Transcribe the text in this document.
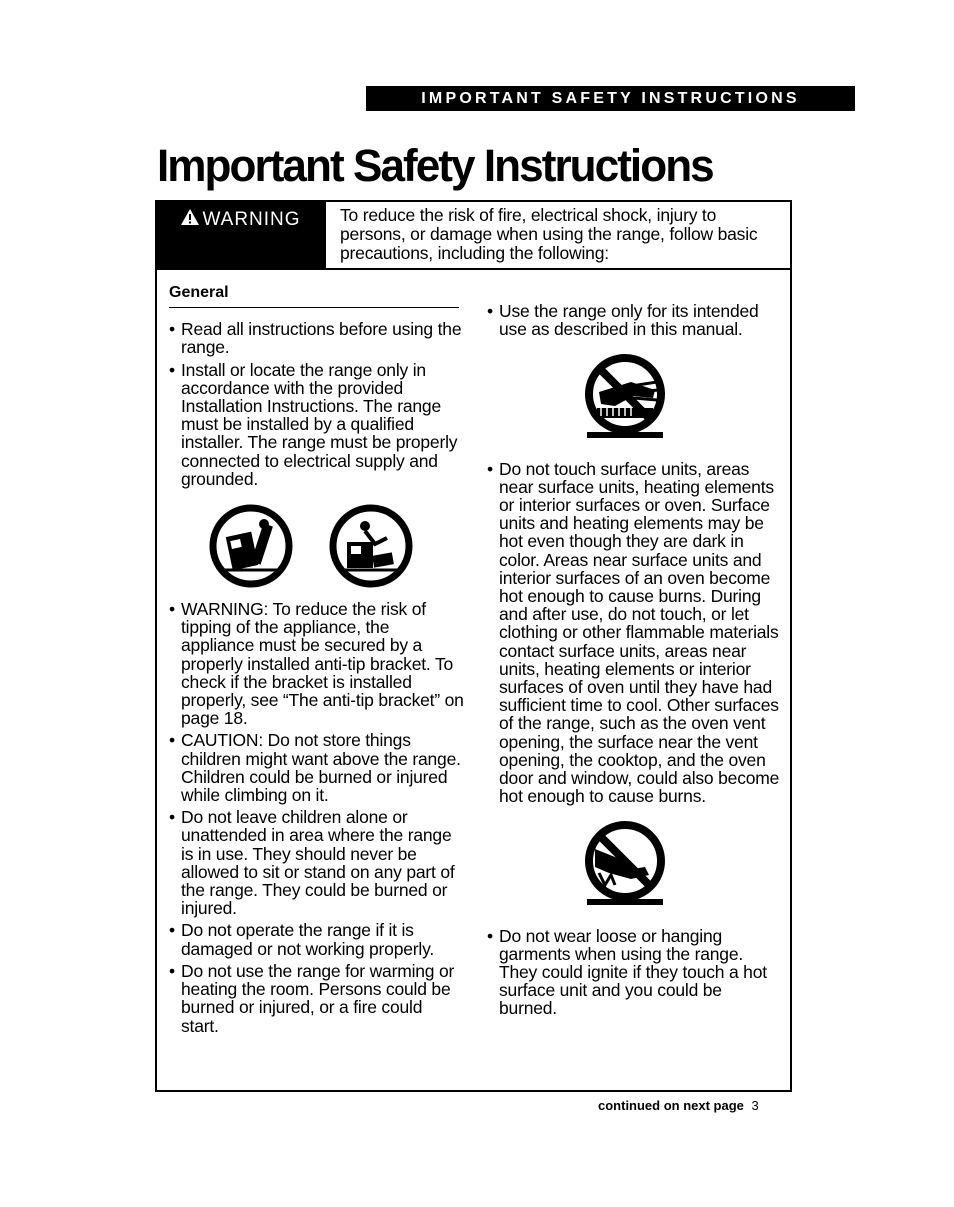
IMPORTANT SAFETY INSTRUCTIONS
Important Safety Instructions
WARNING	To reduce the risk of fire, electrical shock, injury to persons, or damage when using the range, follow basic precautions, including the following:
General
• Read all instructions before using the range.
• Install or locate the range only in accordance with the provided Installation Instructions. The range must be installed by a qualified installer. The range must be properly connected to electrical supply and grounded.
• WARNING: To reduce the risk of tipping of the appliance, the appliance must be secured by a properly installed anti-tip bracket. To check if the bracket is installed properly, see “The anti-tip bracket” on page 18.
• CAUTION: Do not store things children might want above the range. Children could be burned or injured while climbing on it.
• Do not leave children alone or unattended in area where the range is in use. They should never be allowed to sit or stand on any part of the range. They could be burned or injured.
• Do not operate the range if it is damaged or not working properly.
• Do not use the range for warming or heating the room. Persons could be burned or injured, or a fire could start.
• Use the range only for its intended use as described in this manual.
• Do not touch surface units, areas near surface units, heating elements or interior surfaces or oven. Surface units and heating elements may be hot even though they are dark in color. Areas near surface units and interior surfaces of an oven become hot enough to cause burns. During and after use, do not touch, or let clothing or other flammable materials contact surface units, areas near units, heating elements or interior surfaces of oven until they have had sufficient time to cool. Other surfaces of the range, such as the oven vent opening, the surface near the vent opening, the cooktop, and the oven door and window, could also become hot enough to cause burns.
• Do not wear loose or hanging garments when using the range. They could ignite if they touch a hot surface unit and you could be burned.
continued on next page 3
